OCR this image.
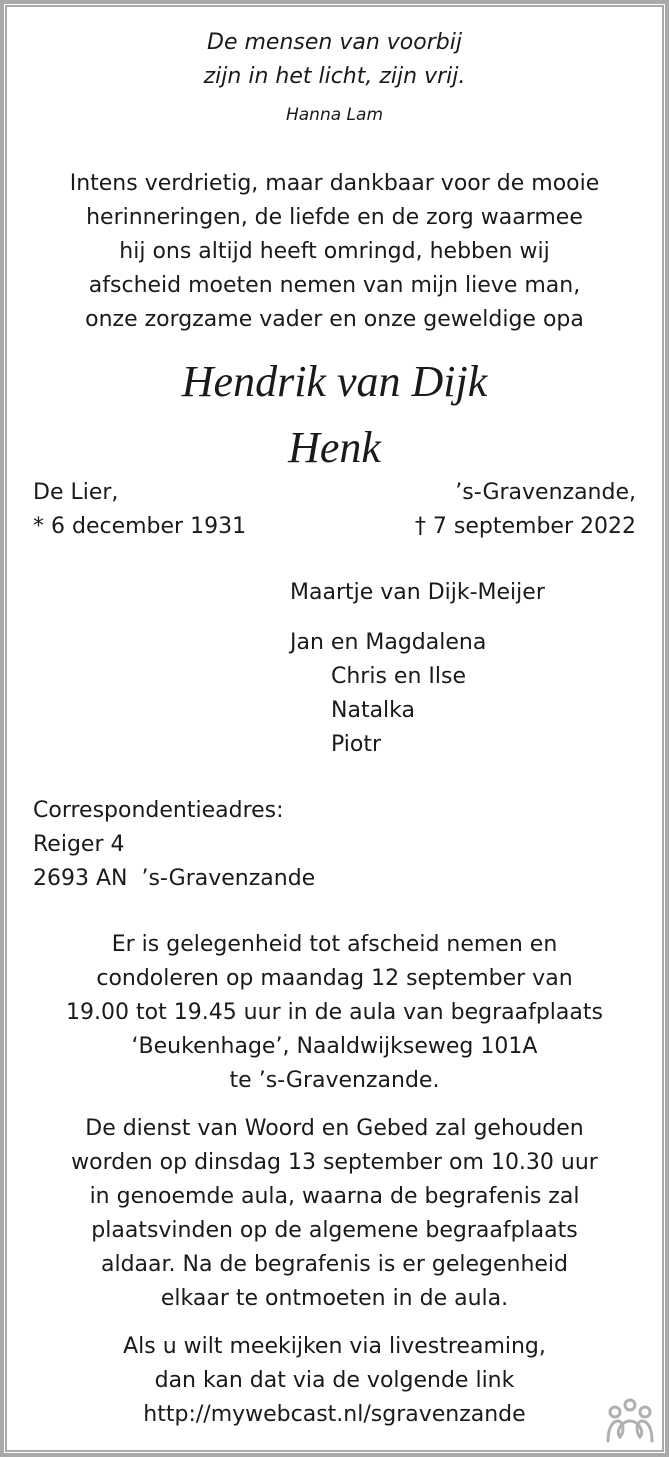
De mensen van voorbij
zijn in het licht, zijn vrij.
Hanna Lam
Intens verdrietig, maar dankbaar voor de mooie
herinneringen, de liefde en de zorg waarmee
hij ons altijd heeft omringd, hebben wij
afscheid moeten nemen van mijn lieve man,
onze zorgzame vader en onze geweldige opa
Hendrik van Dijk
Henk
De Lier,
* 6 december 1931
’s-Gravenzande,
† 7 september 2022
Maartje van Dijk-Meijer
Jan en Magdalena
Chris en Ilse
Natalka
Piotr
Correspondentieadres:
Reiger 4
2693 AN  ’s-Gravenzande
Er is gelegenheid tot afscheid nemen en
condoleren op maandag 12 september van
19.00 tot 19.45 uur in de aula van begraafplaats
‘Beukenhage’, Naaldwijkseweg 101A
te ’s-Gravenzande.
De dienst van Woord en Gebed zal gehouden
worden op dinsdag 13 september om 10.30 uur
in genoemde aula, waarna de begrafenis zal
plaatsvinden op de algemene begraafplaats
aldaar. Na de begrafenis is er gelegenheid
elkaar te ontmoeten in de aula.
Als u wilt meekijken via livestreaming,
dan kan dat via de volgende link
http://mywebcast.nl/sgravenzande
